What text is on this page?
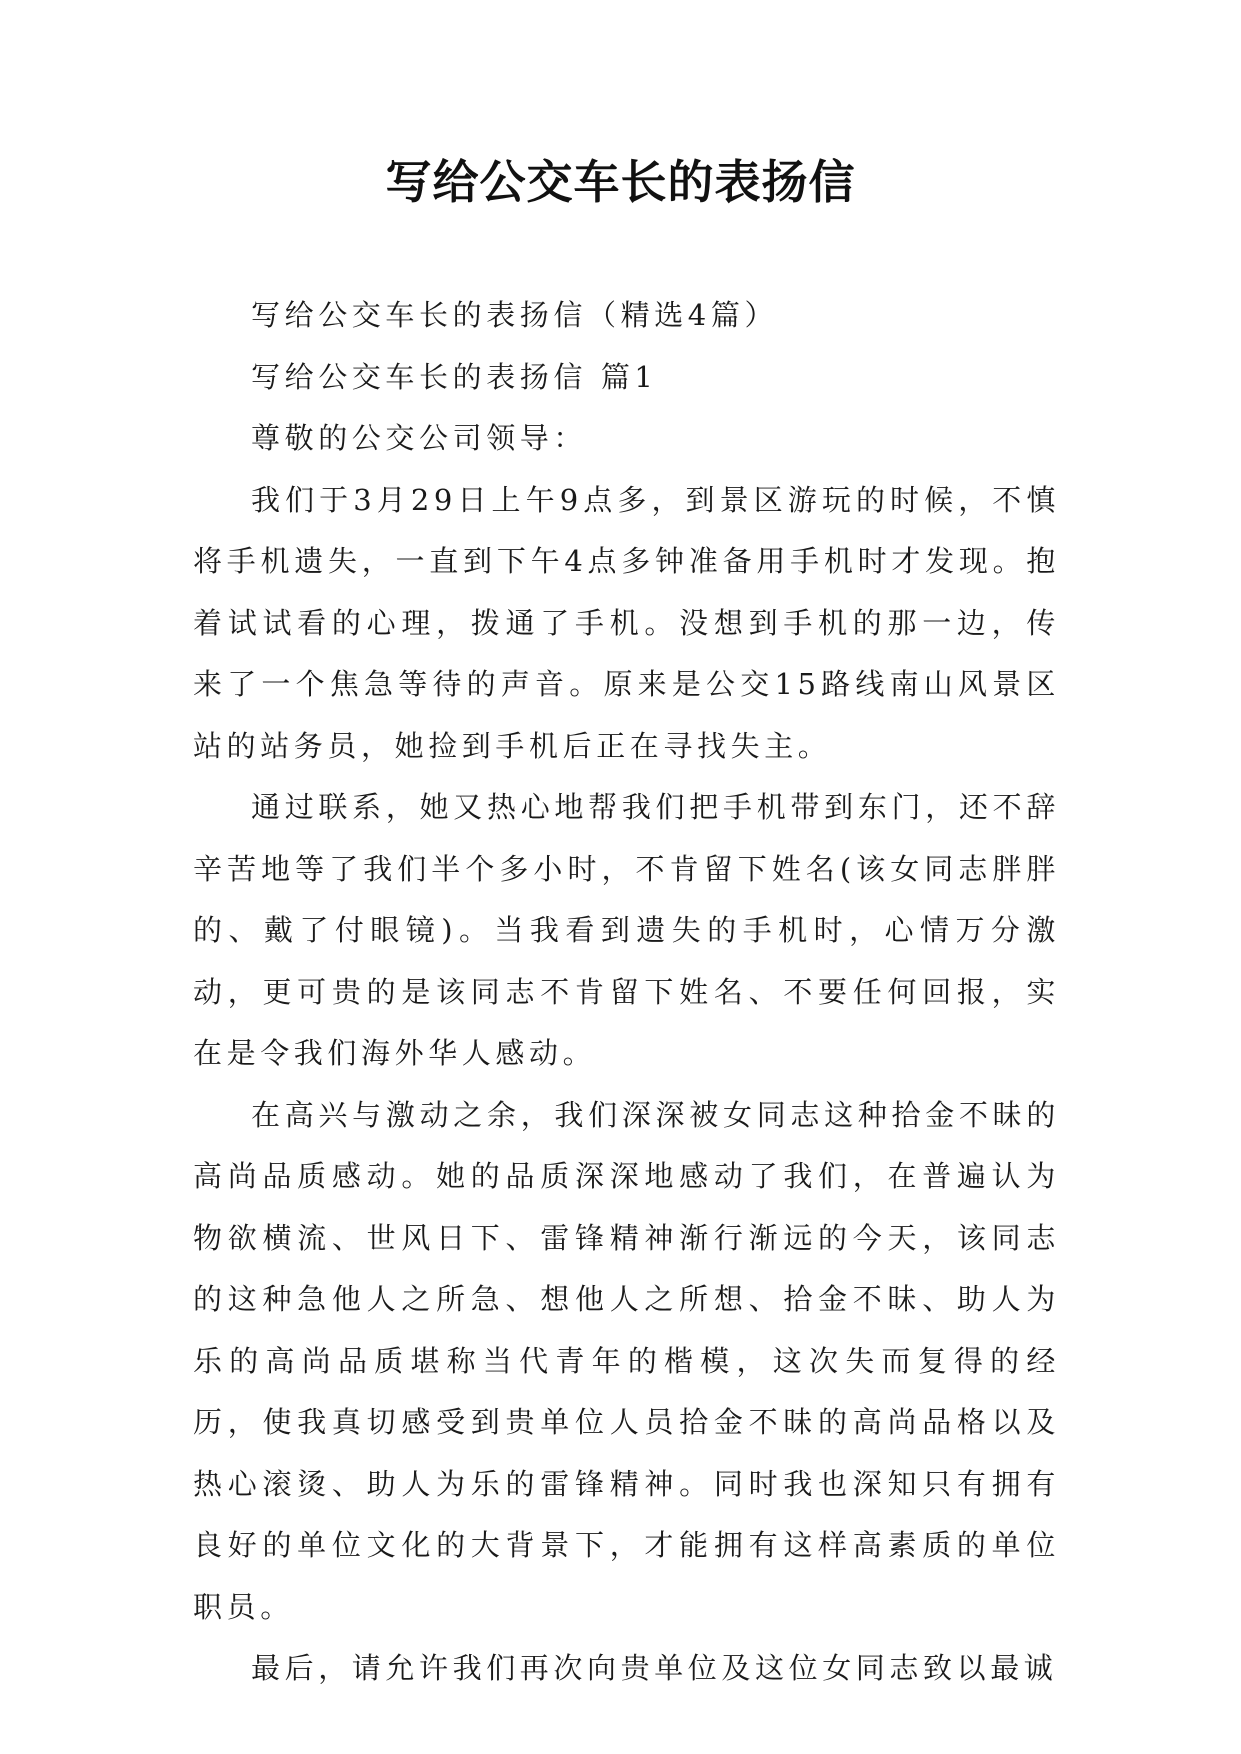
写给公交车长的表扬信

写给公交车长的表扬信（精选4篇）

写给公交车长的表扬信 篇1

尊敬的公交公司领导：

我们于3月29日上午9点多，到景区游玩的时候，不慎将手机遗失，一直到下午4点多钟准备用手机时才发现。抱着试试看的心理，拨通了手机。没想到手机的那一边，传来了一个焦急等待的声音。原来是公交15路线南山风景区站的站务员，她捡到手机后正在寻找失主。

通过联系，她又热心地帮我们把手机带到东门，还不辞辛苦地等了我们半个多小时，不肯留下姓名(该女同志胖胖的、戴了付眼镜)。当我看到遗失的手机时，心情万分激动，更可贵的是该同志不肯留下姓名、不要任何回报，实在是令我们海外华人感动。

在高兴与激动之余，我们深深被女同志这种拾金不昧的高尚品质感动。她的品质深深地感动了我们，在普遍认为物欲横流、世风日下、雷锋精神渐行渐远的今天，该同志的这种急他人之所急、想他人之所想、拾金不昧、助人为乐的高尚品质堪称当代青年的楷模，这次失而复得的经历，使我真切感受到贵单位人员拾金不昧的高尚品格以及热心滚烫、助人为乐的雷锋精神。同时我也深知只有拥有良好的单位文化的大背景下，才能拥有这样高素质的单位职员。

最后，请允许我们再次向贵单位及这位女同志致以最诚
